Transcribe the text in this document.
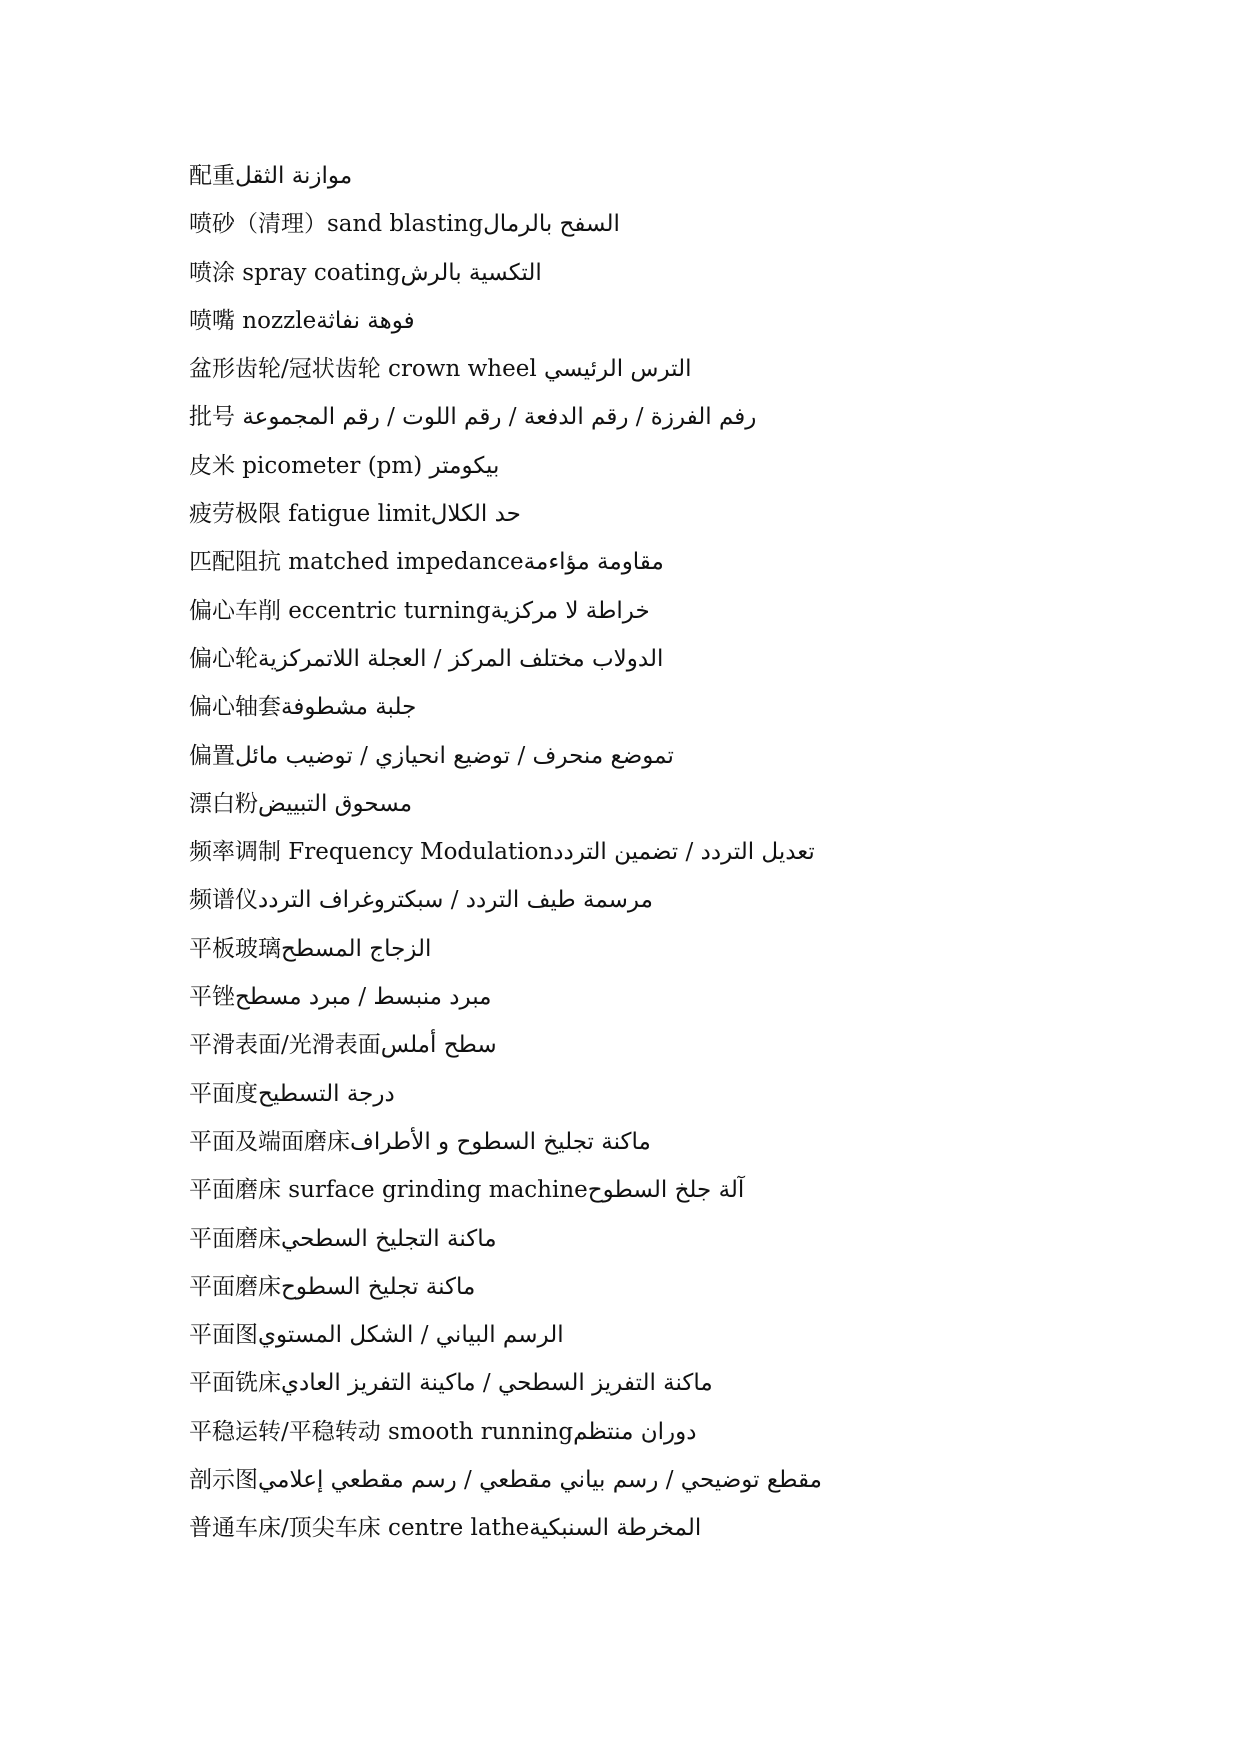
配重موازنة الثقل
喷砂（清理）sand blastingالسفح بالرمال
喷涂 spray coatingالتكسية بالرش
喷嘴 nozzleفوهة نفاثة
盆形齿轮/冠状齿轮 crown wheel الترس الرئيسي
批号 رفم الفرزة / رقم الدفعة / رقم اللوت / رقم المجموعة
皮米 picometer (pm) بيكومتر
疲劳极限 fatigue limitحد الكلال
匹配阻抗 matched impedanceمقاومة مؤاءمة
偏心车削 eccentric turningخراطة لا مركزية
偏心轮الدولاب مختلف المركز / العجلة اللاتمركزية
偏心轴套جلبة مشطوفة
偏置تموضع منحرف / توضيع انحيازي / توضيب مائل
漂白粉مسحوق التبييض
频率调制 Frequency Modulationتعديل التردد / تضمين التردد
频谱仪مرسمة طيف التردد / سبكتروغراف التردد
平板玻璃الزجاج المسطح
平锉مبرد منبسط / مبرد مسطح
平滑表面/光滑表面سطح أملس
平面度درجة التسطيح
平面及端面磨床ماكنة تجليخ السطوح و الأطراف
平面磨床 surface grinding machineآلة جلخ السطوح
平面磨床ماكنة التجليخ السطحي
平面磨床ماكنة تجليخ السطوح
平面图الرسم البياني / الشكل المستوي
平面铣床ماكنة التفريز السطحي / ماكينة التفريز العادي
平稳运转/平稳转动 smooth runningدوران منتظم
剖示图مقطع توضيحي / رسم بياني مقطعي / رسم مقطعي إعلامي
普通车床/顶尖车床 centre latheالمخرطة السنبكية
